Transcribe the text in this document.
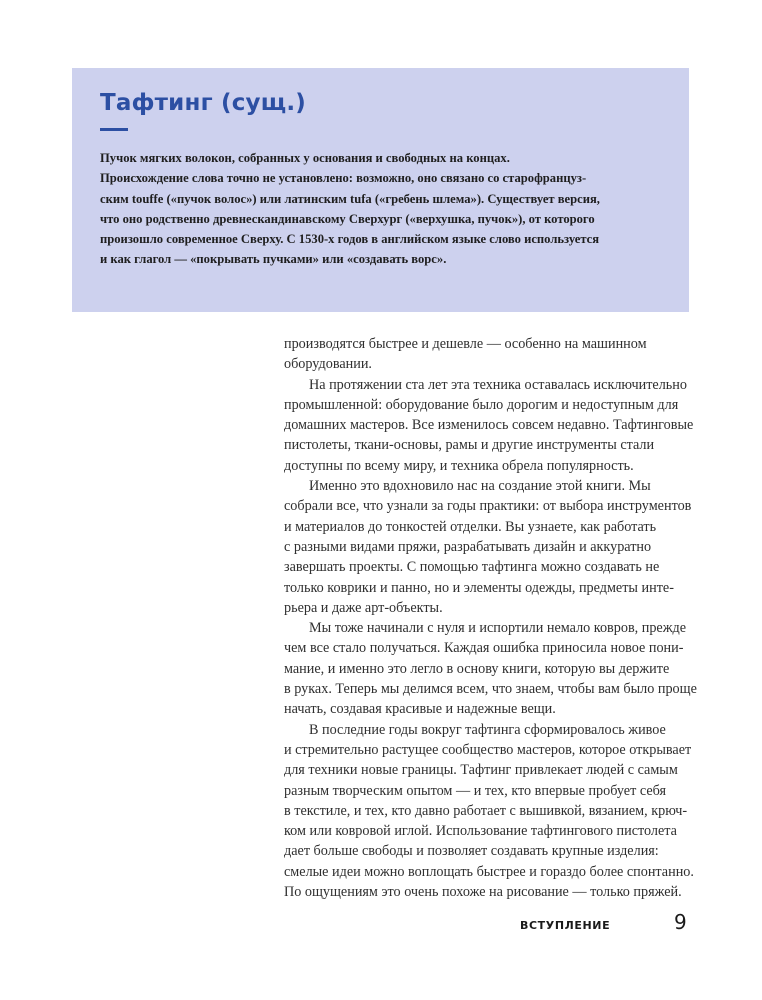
Тафтинг (сущ.)
Пучок мягких волокон, собранных у основания и свободных на концах.
Происхождение слова точно не установлено: возможно, оно связано со старофранцуз-
ским touffe («пучок волос») или латинским tufa («гребень шлема»). Существует версия,
что оно родственно древнескандинавскому Сверхург («верхушка, пучок»), от которого
произошло современное Сверху. С 1530-х годов в английском языке слово используется
и как глагол — «покрывать пучками» или «создавать ворс».
производятся быстрее и дешевле — особенно на машинном
оборудовании.
На протяжении ста лет эта техника оставалась исключительно
промышленной: оборудование было дорогим и недоступным для
домашних мастеров. Все изменилось совсем недавно. Тафтинговые
пистолеты, ткани-основы, рамы и другие инструменты стали
доступны по всему миру, и техника обрела популярность.
Именно это вдохновило нас на создание этой книги. Мы
собрали все, что узнали за годы практики: от выбора инструментов
и материалов до тонкостей отделки. Вы узнаете, как работать
с разными видами пряжи, разрабатывать дизайн и аккуратно
завершать проекты. С помощью тафтинга можно создавать не
только коврики и панно, но и элементы одежды, предметы инте-
рьера и даже арт-объекты.
Мы тоже начинали с нуля и испортили немало ковров, прежде
чем все стало получаться. Каждая ошибка приносила новое пони-
мание, и именно это легло в основу книги, которую вы держите
в руках. Теперь мы делимся всем, что знаем, чтобы вам было проще
начать, создавая красивые и надежные вещи.
В последние годы вокруг тафтинга сформировалось живое
и стремительно растущее сообщество мастеров, которое открывает
для техники новые границы. Тафтинг привлекает людей с самым
разным творческим опытом — и тех, кто впервые пробует себя
в текстиле, и тех, кто давно работает с вышивкой, вязанием, крюч-
ком или ковровой иглой. Использование тафтингового пистолета
дает больше свободы и позволяет создавать крупные изделия:
смелые идеи можно воплощать быстрее и гораздо более спонтанно.
По ощущениям это очень похоже на рисование — только пряжей.
ВСТУПЛЕНИЕ	9
